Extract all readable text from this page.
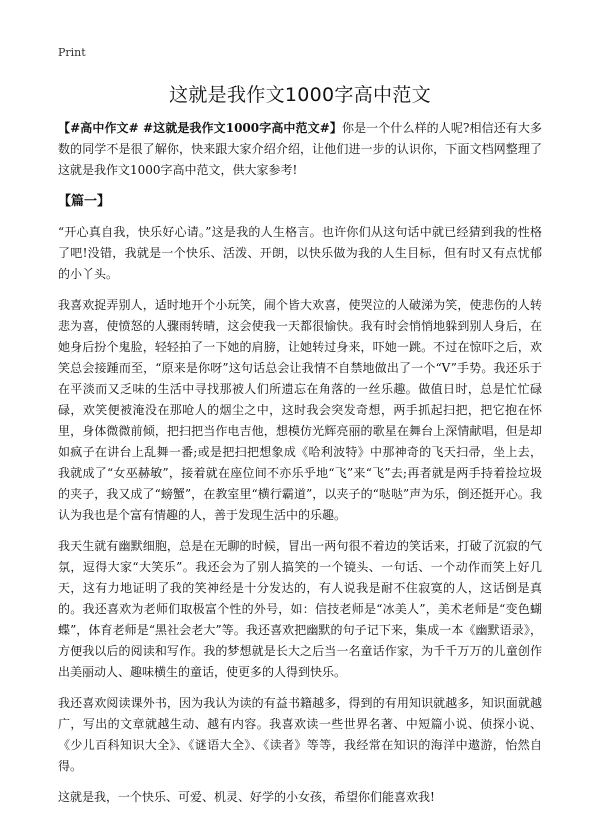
Print
这就是我作文1000字高中范文

【#高中作文# #这就是我作文1000字高中范文#】你是一个什么样的人呢?相信还有大多数的同学不是很了解你，快来跟大家介绍介绍，让他们进一步的认识你，下面文档网整理了这就是我作文1000字高中范文，供大家参考!

【篇一】

“开心真自我，快乐好心请。”这是我的人生格言。也许你们从这句话中就已经猜到我的性格了吧!没错，我就是一个快乐、活泼、开朗，以快乐做为我的人生目标，但有时又有点忧郁的小丫头。

我喜欢捉弄别人，适时地开个小玩笑，闹个皆大欢喜，使哭泣的人破涕为笑，使悲伤的人转悲为喜，使愤怒的人骤雨转晴，这会使我一天都很愉快。我有时会悄悄地躲到别人身后，在她身后扮个鬼脸，轻轻拍了一下她的肩膀，让她转过身来，吓她一跳。不过在惊吓之后，欢笑总会接踵而至，“原来是你呀”这句话总会让我情不自禁地做出了一个“V”手势。我还乐于在平淡而又乏味的生活中寻找那被人们所遗忘在角落的一丝乐趣。做值日时，总是忙忙碌碌，欢笑便被淹没在那呛人的烟尘之中，这时我会突发奇想，两手抓起扫把，把它抱在怀里，身体微微前倾，把扫把当作电吉他，想模仿光辉亮丽的歌星在舞台上深情献唱，但是却如疯子在讲台上乱舞一番;或是把扫把想象成《哈利波特》中那神奇的飞天扫帚，坐上去，我就成了“女巫赫敏”，接着就在座位间不亦乐乎地“飞”来“飞”去;再者就是两手持着捡垃圾的夹子，我又成了“螃蟹”，在教室里“横行霸道”，以夹子的“哒哒”声为乐，倒还挺开心。我认为我也是个富有情趣的人，善于发现生活中的乐趣。

我天生就有幽默细胞，总是在无聊的时候，冒出一两句很不着边的笑话来，打破了沉寂的气氛，逗得大家“大笑乐”。我还会为了别人搞笑的一个镜头、一句话、一个动作而笑上好几天，这有力地证明了我的笑神经是十分发达的，有人说我是耐不住寂寞的人，这话倒是真的。我还喜欢为老师们取极富个性的外号，如：信技老师是“冰美人”，美术老师是“变色蝴蝶”，体育老师是“黑社会老大”等。我还喜欢把幽默的句子记下来，集成一本《幽默语录》，方便我以后的阅读和写作。我的梦想就是长大之后当一名童话作家，为千千万万的儿童创作出美丽动人、趣味横生的童话，使更多的人得到快乐。

我还喜欢阅读课外书，因为我认为读的有益书籍越多，得到的有用知识就越多，知识面就越广，写出的文章就越生动、越有内容。我喜欢读一些世界名著、中短篇小说、侦探小说、《少儿百科知识大全》、《谜语大全》、《读者》等等，我经常在知识的海洋中遨游，怡然自得。

这就是我，一个快乐、可爱、机灵、好学的小女孩，希望你们能喜欢我!
